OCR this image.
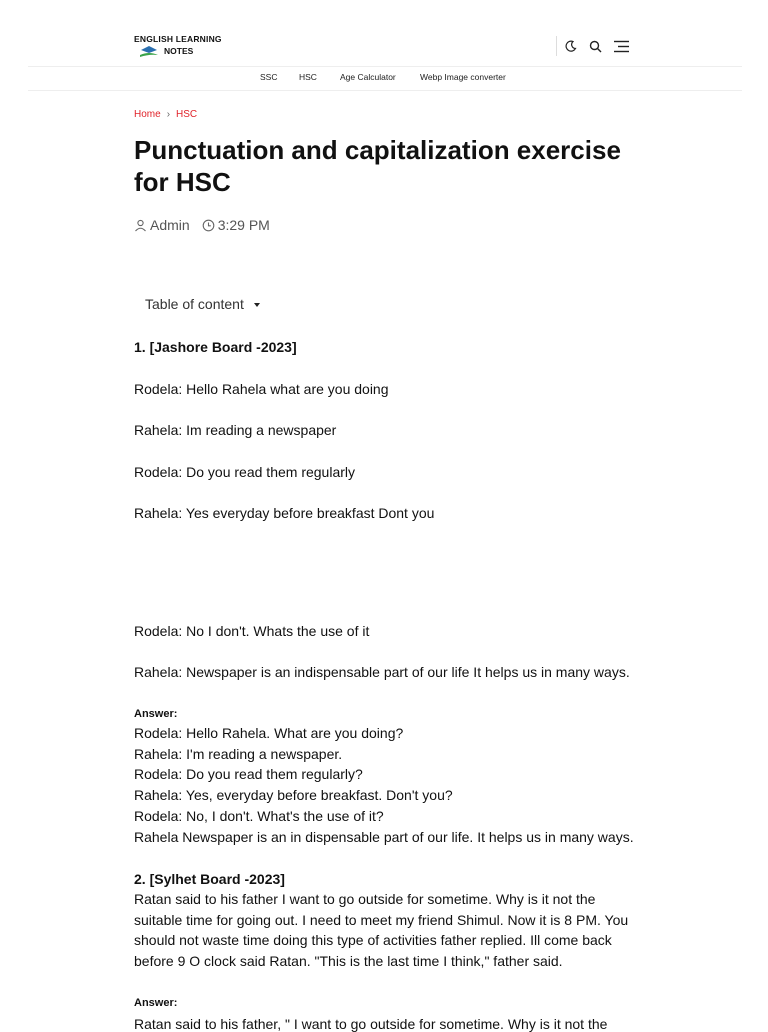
ENGLISH LEARNING
NOTES
SSC	HSC	Age Calculator	Webp Image converter
Home › HSC
Punctuation and capitalization exercise for HSC
Admin 3:29 PM
Table of content
1. [Jashore Board -2023]
Rodela: Hello Rahela what are you doing
Rahela: Im reading a newspaper
Rodela: Do you read them regularly
Rahela: Yes everyday before breakfast Dont you
Rodela: No I don't. Whats the use of it
Rahela: Newspaper is an indispensable part of our life It helps us in many ways.
Answer:
Rodela: Hello Rahela. What are you doing?
Rahela: I'm reading a newspaper.
Rodela: Do you read them regularly?
Rahela: Yes, everyday before breakfast. Don't you?
Rodela: No, I don't. What's the use of it?
Rahela Newspaper is an in dispensable part of our life. It helps us in many ways.
2. [Sylhet Board -2023]
Ratan said to his father I want to go outside for sometime. Why is it not the
suitable time for going out. I need to meet my friend Shimul. Now it is 8 PM. You
should not waste time doing this type of activities father replied. Ill come back
before 9 O clock said Ratan. "This is the last time I think," father said.
Answer:
Ratan said to his father, " I want to go outside for sometime. Why is it not the
